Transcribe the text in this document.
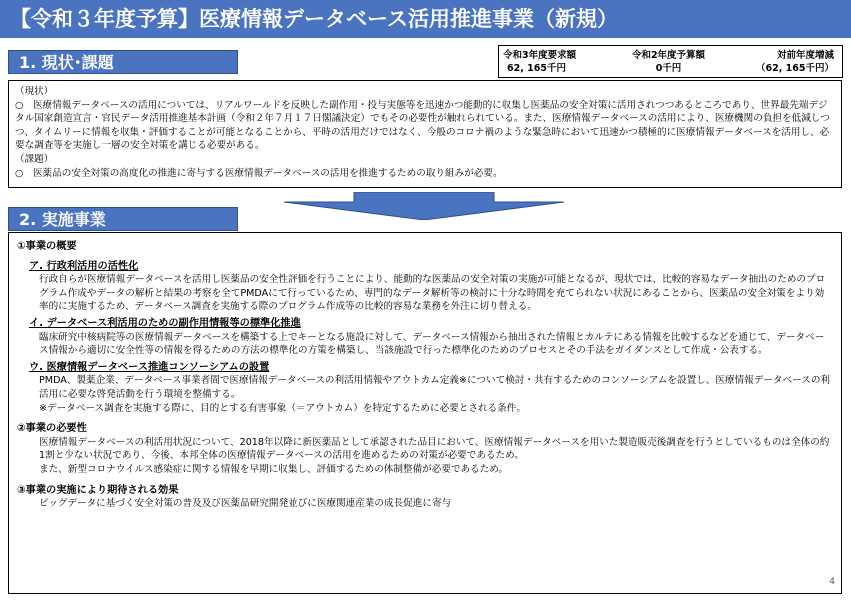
【令和３年度予算】医療情報データベース活用推進事業（新規）
1. 現状･課題	令和3年度要求額
62, 165千円
令和2年度予算額
0千円
対前年度増減
（62, 165千円）
（現状）
○　医療情報データベースの活用については、リアルワールドを反映した副作用・投与実態等を迅速かつ能動的に収集し医薬品の安全対策に活用されつつあるところであり、世界最先端デジタル国家創造宣言・官民データ活用推進基本計画（令和２年７月１７日閣議決定）でもその必要性が触れられている。また、医療情報データベースの活用により、医療機関の負担を低減しつつ、タイムリーに情報を収集・評価することが可能となることから、平時の活用だけではなく、今般のコロナ禍のような緊急時において迅速かつ積極的に医療情報データベースを活用し、必要な調査等を実施し一層の安全対策を講じる必要がある。
（課題）
○　医薬品の安全対策の高度化の推進に寄与する医療情報データベースの活用を推進するための取り組みが必要。
2. 実施事業
①事業の概要
ア. 行政利活用の活性化
行政自らが医療情報データベースを活用し医薬品の安全性評価を行うことにより、能動的な医薬品の安全対策の実施が可能となるが、現状では、比較的容易なデータ抽出のためのプログラム作成やデータの解析と結果の考察を全てPMDAにて行っているため、専門的なデータ解析等の検討に十分な時間を充てられない状況にあることから、医薬品の安全対策をより効率的に実施するため、データベース調査を実施する際のプログラム作成等の比較的容易な業務を外注に切り替える。
イ. データベース利活用のための副作用情報等の標準化推進
臨床研究中核病院等の医療情報データベースを構築する上でキーとなる施設に対して、データベース情報から抽出された情報とカルテにある情報を比較するなどを通じて、データベース情報から適切に安全性等の情報を得るための方法の標準化の方策を構築し、当該施設で行った標準化のためのプロセスとその手法をガイダンスとして作成・公表する。
ウ. 医療情報データベース推進コンソーシアムの設置
PMDA、製薬企業、データベース事業者間で医療情報データベースの利活用情報やアウトカム定義※について検討・共有するためのコンソーシアムを設置し、医療情報データベースの利活用に必要な啓発活動を行う環境を整備する。
※データベース調査を実施する際に、目的とする有害事象（＝アウトカム）を特定するために必要とされる条件。
②事業の必要性
医療情報データベースの利活用状況について、2018年以降に新医薬品として承認された品目において、医療情報データベースを用いた製造販売後調査を行うとしているものは全体の約1割と少ない状況であり、今後、本邦全体の医療情報データベースの活用を進めるための対策が必要であるため。
また、新型コロナウイルス感染症に関する情報を早期に収集し、評価するための体制整備が必要であるため。
③事業の実施により期待される効果
ビッグデータに基づく安全対策の普及及び医薬品研究開発並びに医療関連産業の成長促進に寄与
4
